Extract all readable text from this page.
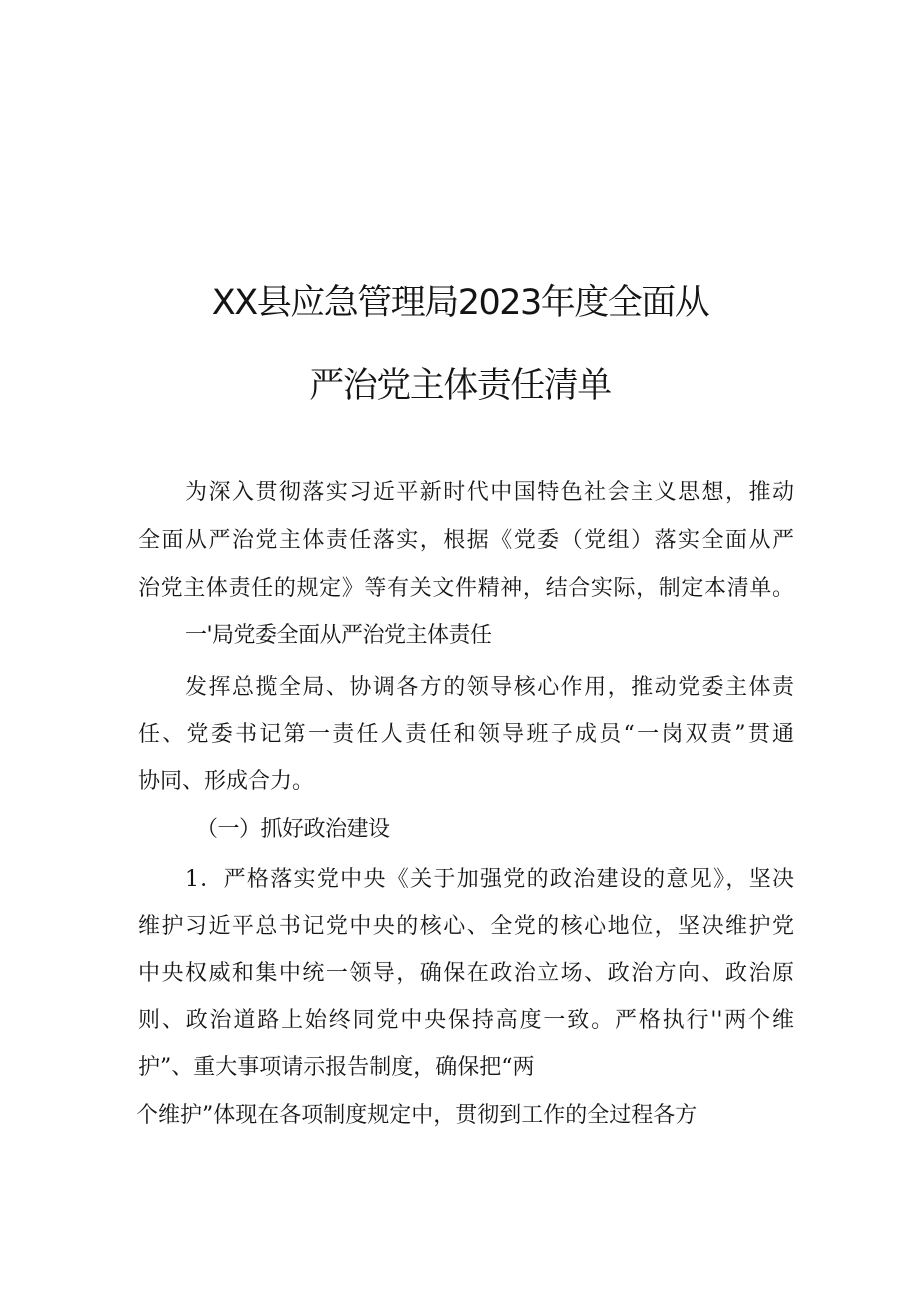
XX县应急管理局2023年度全面从
严治党主体责任清单
为深入贯彻落实习近平新时代中国特色社会主义思想，推动
全面从严治党主体责任落实，根据《党委（党组）落实全面从严
治党主体责任的规定》等有关文件精神，结合实际，制定本清单。
一'局党委全面从严治党主体责任
发挥总揽全局、协调各方的领导核心作用，推动党委主体责
任、党委书记第一责任人责任和领导班子成员“一岗双责”贯通
协同、形成合力。
（一）抓好政治建设
1．严格落实党中央《关于加强党的政治建设的意见》，坚决
维护习近平总书记党中央的核心、全党的核心地位，坚决维护党
中央权威和集中统一领导，确保在政治立场、政治方向、政治原
则、政治道路上始终同党中央保持高度一致。严格执行''两个维
护”、重大事项请示报告制度，确保把“两
个维护”体现在各项制度规定中，贯彻到工作的全过程各方
